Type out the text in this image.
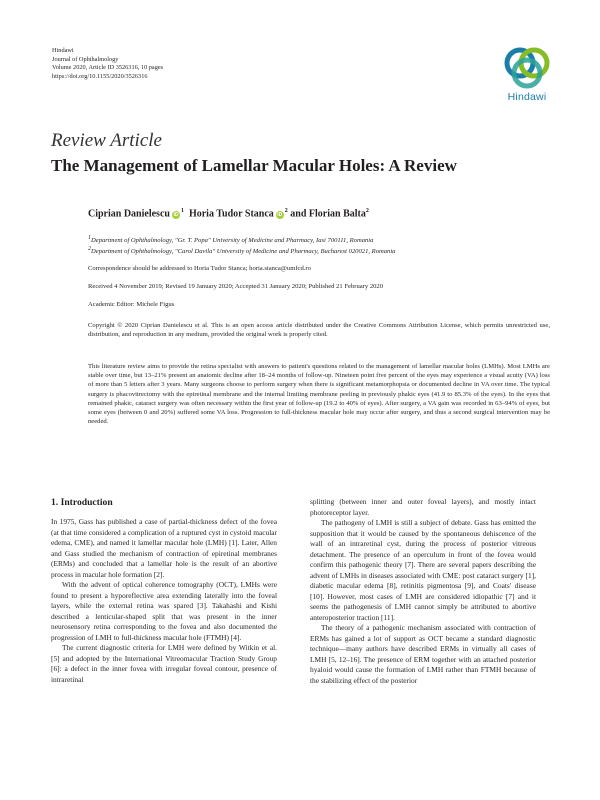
Hindawi
Journal of Ophthalmology
Volume 2020, Article ID 3526316, 10 pages
https://doi.org/10.1155/2020/3526316
Hindawi
Review Article
The Management of Lamellar Macular Holes: A Review
Ciprian Danielescu $iD^1$ Horia Tudor Stanca $iD^2$ and Florian Balta$^2$
$^1$Department of Ophthalmology, "Gr. T. Popa" University of Medicine and Pharmacy, Iasi 700111, Romania
$^2$Department of Ophthalmology, "Carol Davila" University of Medicine and Pharmacy, Bucharest 020021, Romania
Correspondence should be addressed to Horia Tudor Stanca; horia.stanca@umfcd.ro
Received 4 November 2019; Revised 19 January 2020; Accepted 31 January 2020; Published 21 February 2020
Academic Editor: Michele Figus
Copyright © 2020 Ciprian Danielescu et al. This is an open access article distributed under the Creative Commons Attribution License, which permits unrestricted use, distribution, and reproduction in any medium, provided the original work is properly cited.
This literature review aims to provide the retina specialist with answers to patient's questions related to the management of lamellar macular holes (LMHs). Most LMHs are stable over time, but 13–21% present an anatomic decline after 18–24 months of follow-up. Nineteen point five percent of the eyes may experience a visual acuity (VA) loss of more than 5 letters after 3 years. Many surgeons choose to perform surgery when there is significant metamorphopsia or documented decline in VA over time. The typical surgery is phacovitrectomy with the epiretinal membrane and the internal limiting membrane peeling in previously phakic eyes (41.9 to 85.3% of the eyes). In the eyes that remained phakic, cataract surgery was often necessary within the first year of follow-up (19.2 to 40% of eyes). After surgery, a VA gain was recorded in 63–94% of eyes, but some eyes (between 0 and 20%) suffered some VA loss. Progression to full-thickness macular hole may occur after surgery, and thus a second surgical intervention may be needed.
1. Introduction

In 1975, Gass has published a case of partial-thickness defect of the fovea (at that time considered a complication of a ruptured cyst in cystoid macular edema, CME), and named it lamellar macular hole (LMH) [1]. Later, Allen and Gass studied the mechanism of contraction of epiretinal membranes (ERMs) and concluded that a lamellar hole is the result of an abortive process in macular hole formation [2].

With the advent of optical coherence tomography (OCT), LMHs were found to present a hyporeflective area extending laterally into the foveal layers, while the external retina was spared [3]. Takahashi and Kishi described a lenticular-shaped split that was present in the inner neurosensory retina corresponding to the fovea and also documented the progression of LMH to full-thickness macular hole (FTMH) [4].

The current diagnostic criteria for LMH were defined by Witkin et al. [5] and adopted by the International Vitreomacular Traction Study Group [6]: a defect in the inner fovea with irregular foveal contour, presence of intraretinal

splitting (between inner and outer foveal layers), and mostly intact photoreceptor layer.

The pathogeny of LMH is still a subject of debate. Gass has emitted the supposition that it would be caused by the spontaneous dehiscence of the wall of an intraretinal cyst, during the process of posterior vitreous detachment. The presence of an operculum in front of the fovea would confirm this pathogenic theory [7]. There are several papers describing the advent of LMHs in diseases associated with CME: post cataract surgery [1], diabetic macular edema [8], retinitis pigmentosa [9], and Coats' disease [10]. However, most cases of LMH are considered idiopathic [7] and it seems the pathogenesis of LMH cannot simply be attributed to abortive anteroposterior traction [11].

The theory of a pathogenic mechanism associated with contraction of ERMs has gained a lot of support as OCT became a standard diagnostic technique—many authors have described ERMs in virtually all cases of LMH [5, 12–16]. The presence of ERM together with an attached posterior hyaloid would cause the formation of LMH rather than FTMH because of the stabilizing effect of the posterior
